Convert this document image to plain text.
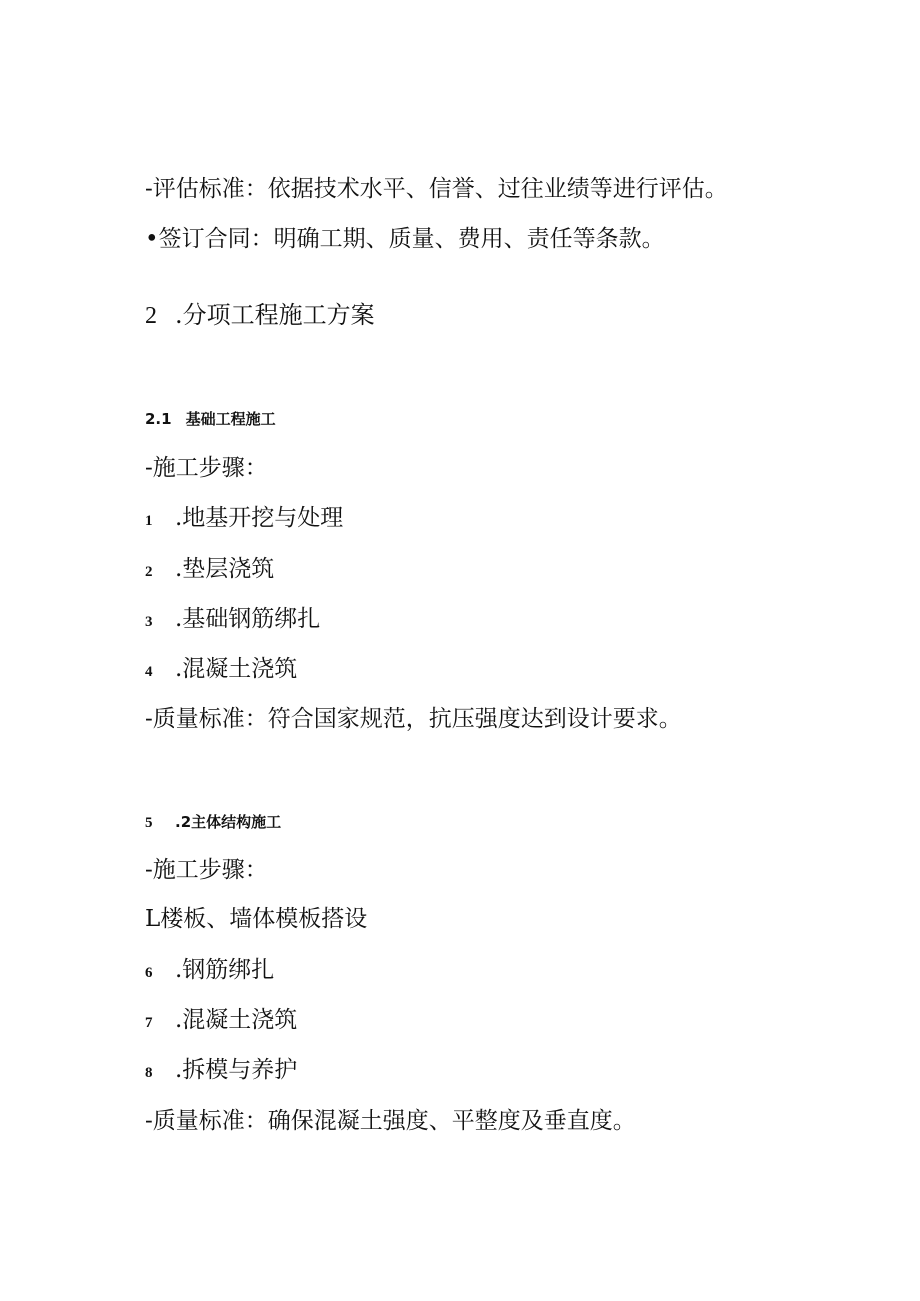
-评估标准：依据技术水平、信誉、过往业绩等进行评估。
•签订合同：明确工期、质量、费用、责任等条款。
2 .分项工程施工方案
2.1 基础工程施工
-施工步骤：
1 .地基开挖与处理
2 .垫层浇筑
3 .基础钢筋绑扎
4 .混凝土浇筑
-质量标准：符合国家规范，抗压强度达到设计要求。
5 .2主体结构施工
-施工步骤：
L楼板、墙体模板搭设
6 .钢筋绑扎
7 .混凝土浇筑
8 .拆模与养护
-质量标准：确保混凝土强度、平整度及垂直度。
